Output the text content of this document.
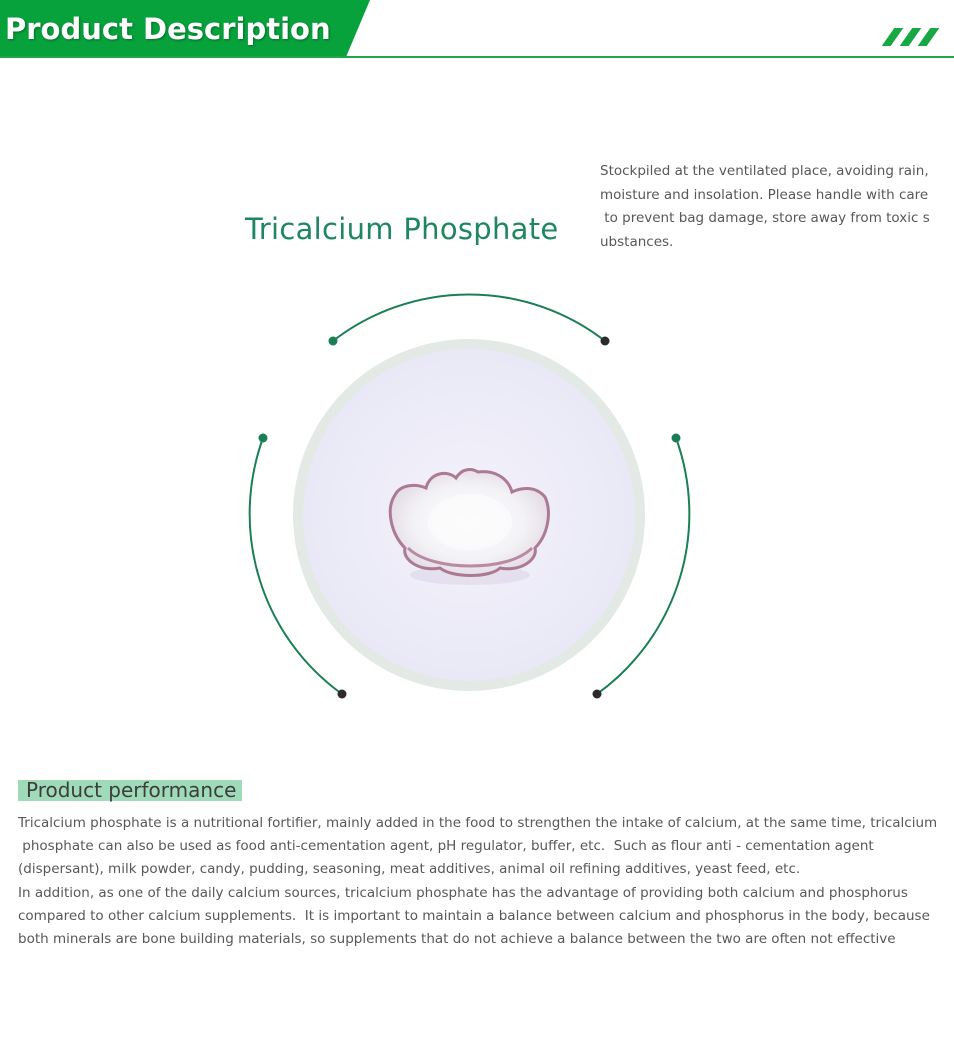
Product Description
Tricalcium Phosphate
Stockpiled at the ventilated place, avoiding rain,
moisture and insolation. Please handle with care
to prevent bag damage, store away from toxic s
ubstances.
Product performance
Tricalcium phosphate is a nutritional fortifier, mainly added in the food to strengthen the intake of calcium, at the same time, tricalcium
phosphate can also be used as food anti-cementation agent, pH regulator, buffer, etc.  Such as flour anti - cementation agent
(dispersant), milk powder, candy, pudding, seasoning, meat additives, animal oil refining additives, yeast feed, etc.
In addition, as one of the daily calcium sources, tricalcium phosphate has the advantage of providing both calcium and phosphorus
compared to other calcium supplements.  It is important to maintain a balance between calcium and phosphorus in the body, because
both minerals are bone building materials, so supplements that do not achieve a balance between the two are often not effective
